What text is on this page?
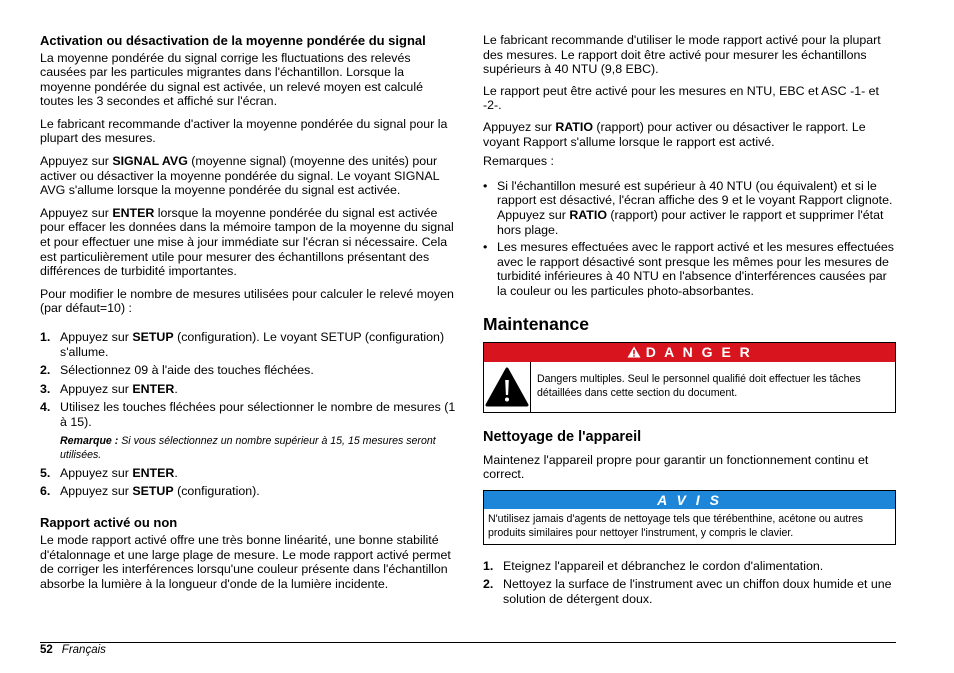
Activation ou désactivation de la moyenne pondérée du signal

La moyenne pondérée du signal corrige les fluctuations des relevés causées par les particules migrantes dans l'échantillon. Lorsque la moyenne pondérée du signal est activée, un relevé moyen est calculé toutes les 3 secondes et affiché sur l'écran.

Le fabricant recommande d'activer la moyenne pondérée du signal pour la plupart des mesures.

Appuyez sur SIGNAL AVG (moyenne signal) (moyenne des unités) pour activer ou désactiver la moyenne pondérée du signal. Le voyant SIGNAL AVG s'allume lorsque la moyenne pondérée du signal est activée.

Appuyez sur ENTER lorsque la moyenne pondérée du signal est activée pour effacer les données dans la mémoire tampon de la moyenne du signal et pour effectuer une mise à jour immédiate sur l'écran si nécessaire. Cela est particulièrement utile pour mesurer des échantillons présentant des différences de turbidité importantes.

Pour modifier le nombre de mesures utilisées pour calculer le relevé moyen (par défaut=10) :

1. Appuyez sur SETUP (configuration). Le voyant SETUP (configuration) s'allume.
2. Sélectionnez 09 à l'aide des touches fléchées.
3. Appuyez sur ENTER.
4. Utilisez les touches fléchées pour sélectionner le nombre de mesures (1 à 15).
Remarque : Si vous sélectionnez un nombre supérieur à 15, 15 mesures seront utilisées.
5. Appuyez sur ENTER.
6. Appuyez sur SETUP (configuration).
Rapport activé ou non

Le mode rapport activé offre une très bonne linéarité, une bonne stabilité d'étalonnage et une large plage de mesure. Le mode rapport activé permet de corriger les interférences lorsqu'une couleur présente dans l'échantillon absorbe la lumière à la longueur d'onde de la lumière incidente.

Le fabricant recommande d'utiliser le mode rapport activé pour la plupart des mesures. Le rapport doit être activé pour mesurer les échantillons supérieurs à 40 NTU (9,8 EBC).

Le rapport peut être activé pour les mesures en NTU, EBC et ASC -1- et -2-.

Appuyez sur RATIO (rapport) pour activer ou désactiver le rapport. Le voyant Rapport s'allume lorsque le rapport est activé.

Remarques :

• Si l'échantillon mesuré est supérieur à 40 NTU (ou équivalent) et si le rapport est désactivé, l'écran affiche des 9 et le voyant Rapport clignote. Appuyez sur RATIO (rapport) pour activer le rapport et supprimer l'état hors plage.
• Les mesures effectuées avec le rapport activé et les mesures effectuées avec le rapport désactivé sont presque les mêmes pour les mesures de turbidité inférieures à 40 NTU en l'absence d'interférences causées par la couleur ou les particules photo-absorbantes.
Maintenance
D A N G E R
Dangers multiples. Seul le personnel qualifié doit effectuer les tâches détaillées dans cette section du document.
Nettoyage de l'appareil

Maintenez l'appareil propre pour garantir un fonctionnement continu et correct.

A V I S
N'utilisez jamais d'agents de nettoyage tels que térébenthine, acétone ou autres produits similaires pour nettoyer l'instrument, y compris le clavier.
1. Eteignez l'appareil et débranchez le cordon d'alimentation.
2. Nettoyez la surface de l'instrument avec un chiffon doux humide et une solution de détergent doux.
52 Français
